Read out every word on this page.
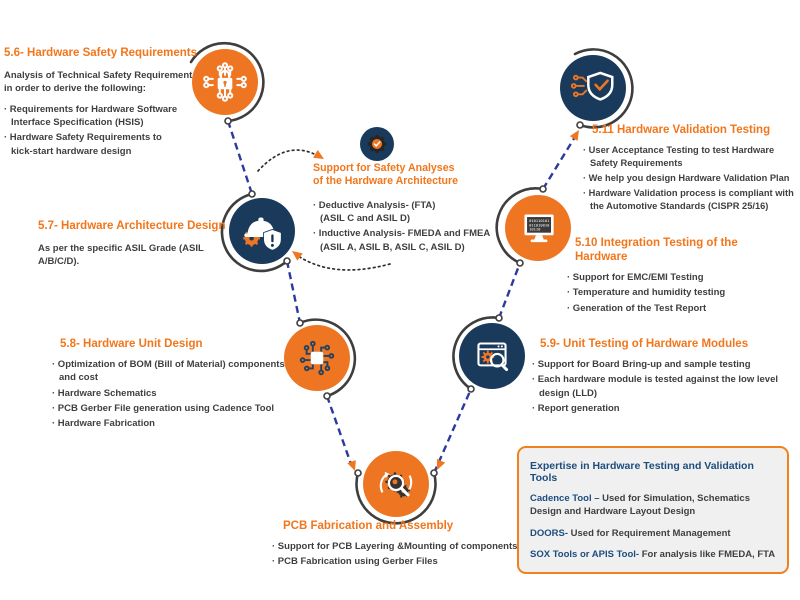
010110101
011010010
10110
5.6- Hardware Safety Requirements
Analysis of Technical Safety Requirement
in order to derive the following:
· Requirements for Hardware Software
Interface Specification (HSIS)
· Hardware Safety Requirements to
kick-start hardware design
5.7- Hardware Architecture Design
As per the specific ASIL Grade (ASIL
A/B/C/D).
Support for Safety Analyses
of the Hardware Architecture
· Deductive Analysis- (FTA)
(ASIL C and ASIL D)
· Inductive Analysis- FMEDA and FMEA
(ASIL A, ASIL B, ASIL C, ASIL D)
5.8- Hardware Unit Design
· Optimization of BOM (Bill of Material) components
and cost
· Hardware Schematics
· PCB Gerber File generation using Cadence Tool
· Hardware Fabrication
PCB Fabrication and Assembly
· Support for PCB Layering &Mounting of components
· PCB Fabrication using Gerber Files
5.9- Unit Testing of Hardware Modules
· Support for Board Bring-up and sample testing
· Each hardware module is tested against the low level
design (LLD)
· Report generation
5.10 Integration Testing of the Hardware
· Support for EMC/EMI Testing
· Temperature and humidity testing
· Generation of the Test Report
5.11 Hardware Validation Testing
· User Acceptance Testing to test Hardware
Safety Requirements
· We help you design Hardware Validation Plan
· Hardware Validation process is compliant with
the Automotive Standards (CISPR 25/16)
Expertise in Hardware Testing and Validation Tools
Cadence Tool – Used for Simulation, Schematics Design and Hardware Layout Design
DOORS- Used for Requirement Management
SOX Tools or APIS Tool- For analysis like FMEDA, FTA
